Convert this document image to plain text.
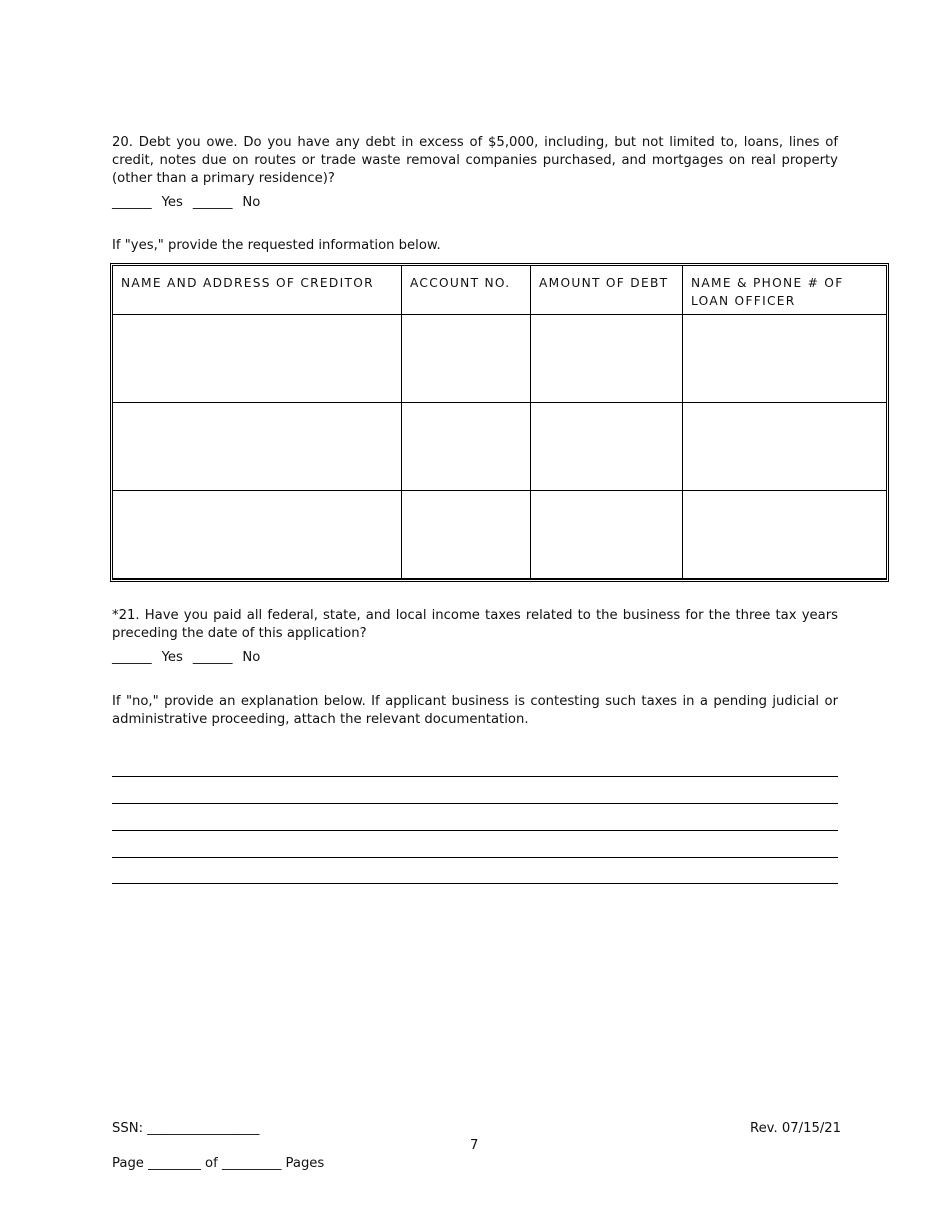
20. Debt you owe. Do you have any debt in excess of $5,000, including, but not limited to, loans, lines of credit, notes due on routes or trade waste removal companies purchased, and mortgages on real property (other than a primary residence)?
______ Yes ______ No
If "yes," provide the requested information below.
NAME AND ADDRESS OF CREDITOR	ACCOUNT NO.	AMOUNT OF DEBT	NAME & PHONE # OF LOAN OFFICER

*21. Have you paid all federal, state, and local income taxes related to the business for the three tax years preceding the date of this application?
______ Yes ______ No
If "no," provide an explanation below. If applicant business is contesting such taxes in a pending judicial or administrative proceeding, attach the relevant documentation.
SSN: _________________	Rev. 07/15/21
7
Page ________ of _________ Pages
